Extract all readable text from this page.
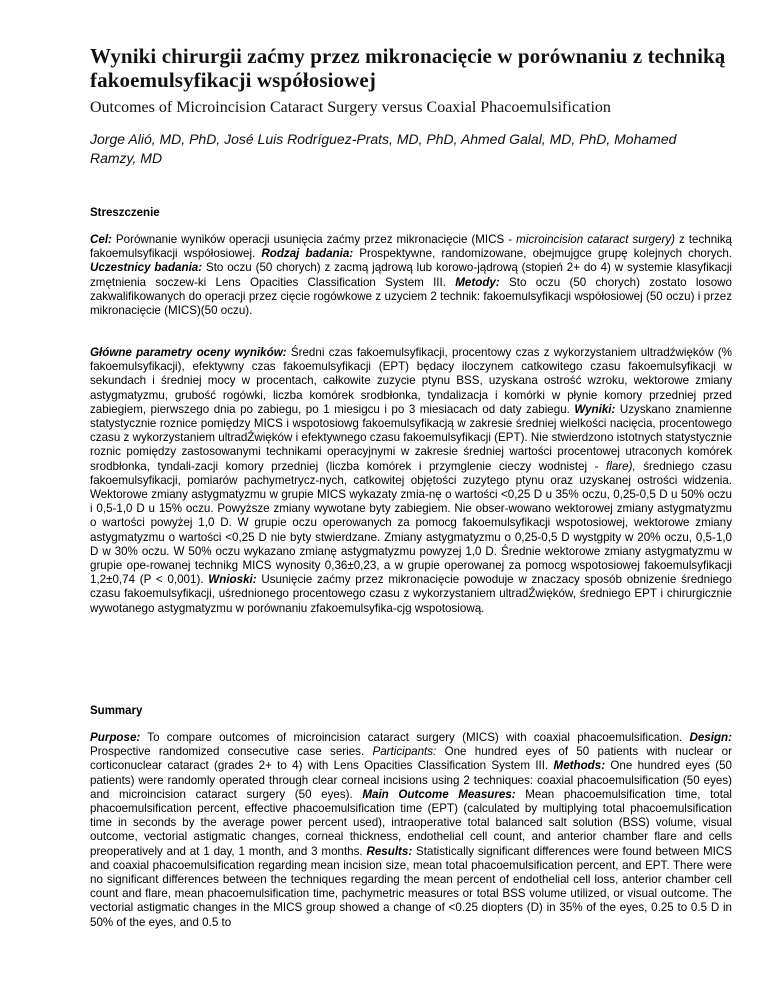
Wyniki chirurgii zaćmy przez mikronacięcie w porównaniu z techniką fakoemulsyfikacji współosiowej
Outcomes of Microincision Cataract Surgery versus Coaxial Phacoemulsification
Jorge Alió, MD, PhD, José Luis Rodríguez-Prats, MD, PhD, Ahmed Galal, MD, PhD, Mohamed Ramzy, MD
Streszczenie

Cel: Porównanie wyników operacji usunięcia zaćmy przez mikronacięcie (MICS - microincision cataract surgery) z techniką fakoemulsyfikacji współosiowej. Rodzaj badania: Prospektywne, randomizowane, obejmujgce grupę kolejnych chorych. Uczestnicy badania: Sto oczu (50 chorych) z zacmą jądrową lub korowo-jądrową (stopień 2+ do 4) w systemie klasyfikacji zmętnienia soczew-ki Lens Opacities Classification System III. Metody: Sto oczu (50 chorych) zostato losowo zakwalifikowanych do operacji przez cięcie rogówkowe z uzyciem 2 technik: fakoemulsyfikacji współosiowej (50 oczu) i przez mikronacięcie (MICS)(50 oczu).

Główne parametry oceny wyników: Średni czas fakoemulsyfikacji, procentowy czas z wykorzystaniem ultradźwięków (% fakoemulsyfikacji), efektywny czas fakoemulsyfikacji (EPT) będacy iloczynem catkowitego czasu fakoemulsyfikacji w sekundach i średniej mocy w procentach, całkowite zuzycie ptynu BSS, uzyskana ostrość wzroku, wektorowe zmiany astygmatyzmu, grubość rogówki, liczba komórek srodbłonka, tyndalizacja i komórki w płynie komory przedniej przed zabiegiem, pierwszego dnia po zabiegu, po 1 miesigcu i po 3 miesiacach od daty zabiegu. Wyniki: Uzyskano znamienne statystycznie roznice pomiędzy MICS i wspotosiowg fakoemulsyfikacją w zakresie średniej wielkości nacięcia, procentowego czasu z wykorzystaniem ultradŹwięków i efektywnego czasu fakoemulsyfikacji (EPT). Nie stwierdzono istotnych statystycznie roznic pomiędzy zastosowanymi technikami operacyjnymi w zakresie średniej wartości procentowej utraconych komórek srodbłonka, tyndali-zacji komory przedniej (liczba komórek i przymglenie cieczy wodnistej - flare), średniego czasu fakoemulsyfikacji, pomiarów pachymetrycz-nych, catkowitej objętości zuzytego ptynu oraz uzyskanej ostrości widzenia. Wektorowe zmiany astygmatyzmu w grupie MICS wykazaty zmia-nę o wartości <0,25 D u 35% oczu, 0,25-0,5 D u 50% oczu i 0,5-1,0 D u 15% oczu. Powyższe zmiany wywotane byty zabiegiem. Nie obser-wowano wektorowej zmiany astygmatyzmu o wartości powyżej 1,0 D. W grupie oczu operowanych za pomocg fakoemulsyfikacji wspotosiowej, wektorowe zmiany astygmatyzmu o wartości <0,25 D nie byty stwierdzane. Zmiany astygmatyzmu o 0,25-0,5 D wystgpity w 20% oczu, 0,5-1,0 D w 30% oczu. W 50% oczu wykazano zmianę astygmatyzmu powyzej 1,0 D. Średnie wektorowe zmiany astygmatyzmu w grupie ope-rowanej technikg MICS wynosity 0,36±0,23, a w grupie operowanej za pomocg wspotosiowej fakoemulsyfikacji 1,2±0,74 (P < 0,001). Wnioski: Usunięcie zaćmy przez mikronacięcie powoduje w znaczacy sposób obnizenie średniego czasu fakoemulsyfikacji, uśrednionego procentowego czasu z wykorzystaniem ultradŹwięków, średniego EPT i chirurgicznie wywotanego astygmatyzmu w porównaniu zfakoemulsyfika-cjg wspotosiową.

Summary

Purpose: To compare outcomes of microincision cataract surgery (MICS) with coaxial phacoemulsification. Design: Prospective randomized consecutive case series. Participants: One hundred eyes of 50 patients with nuclear or corticonuclear cataract (grades 2+ to 4) with Lens Opacities Classification System III. Methods: One hundred eyes (50 patients) were randomly operated through clear corneal incisions using 2 techniques: coaxial phacoemulsification (50 eyes) and microincision cataract surgery (50 eyes). Main Outcome Measures: Mean phacoemulsification time, total phacoemulsification percent, effective phacoemulsification time (EPT) (calculated by multiplying total phacoemulsification time in seconds by the average power percent used), intraoperative total balanced salt solution (BSS) volume, visual outcome, vectorial astigmatic changes, corneal thickness, endothelial cell count, and anterior chamber flare and cells preoperatively and at 1 day, 1 month, and 3 months. Results: Statistically significant differences were found between MICS and coaxial phacoemulsification regarding mean incision size, mean total phacoemulsification percent, and EPT. There were no significant differences between the techniques regarding the mean percent of endothelial cell loss, anterior chamber cell count and flare, mean phacoemulsification time, pachymetric measures or total BSS volume utilized, or visual outcome. The vectorial astigmatic changes in the MICS group showed a change of <0.25 diopters (D) in 35% of the eyes, 0.25 to 0.5 D in 50% of the eyes, and 0.5 to
